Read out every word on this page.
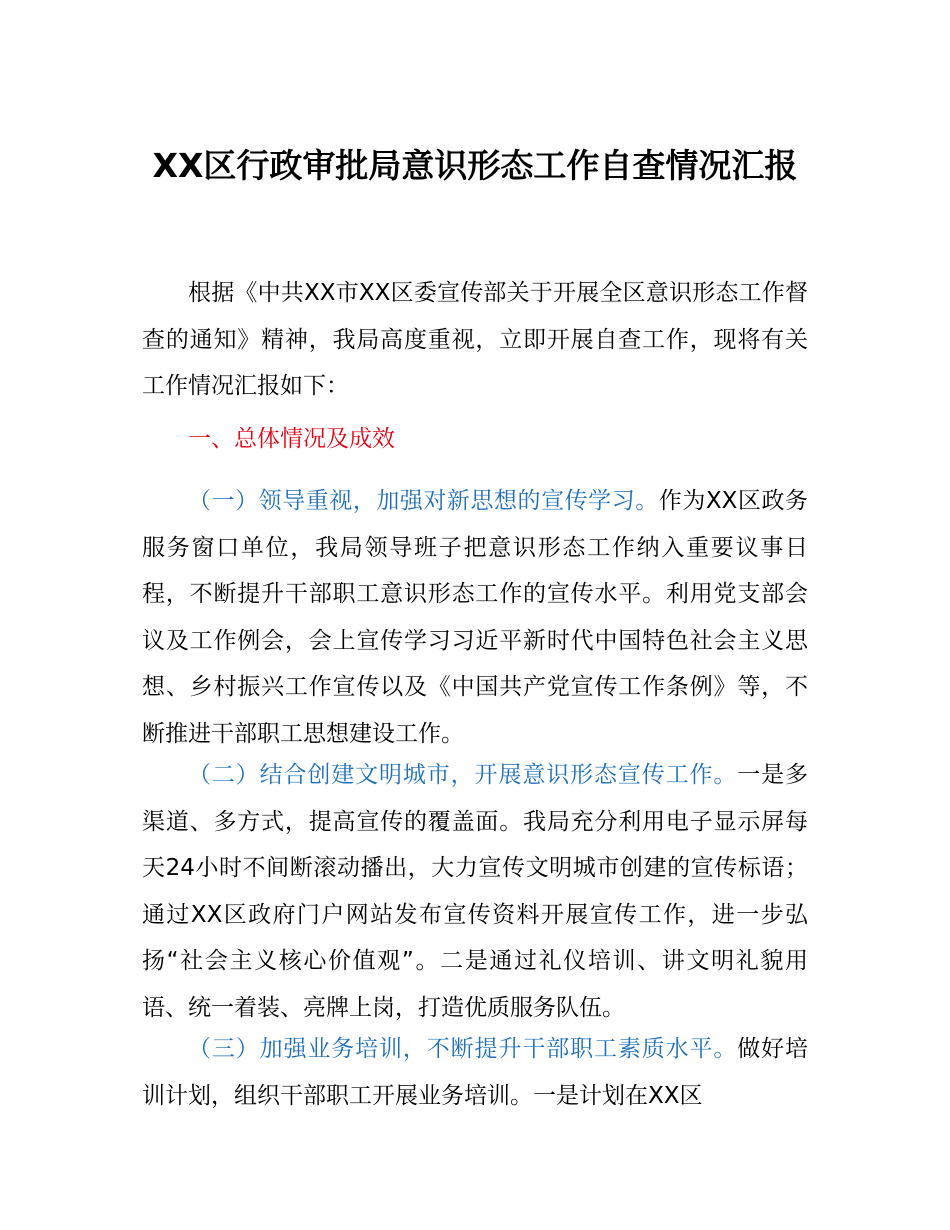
XX区行政审批局意识形态工作自查情况汇报

根据《中共XX市XX区委宣传部关于开展全区意识形态工作督查的通知》精神，我局高度重视，立即开展自查工作，现将有关工作情况汇报如下：

一、总体情况及成效

（一）领导重视，加强对新思想的宣传学习。作为XX区政务服务窗口单位，我局领导班子把意识形态工作纳入重要议事日程，不断提升干部职工意识形态工作的宣传水平。利用党支部会议及工作例会，会上宣传学习习近平新时代中国特色社会主义思想、乡村振兴工作宣传以及《中国共产党宣传工作条例》等，不断推进干部职工思想建设工作。

（二）结合创建文明城市，开展意识形态宣传工作。一是多渠道、多方式，提高宣传的覆盖面。我局充分利用电子显示屏每天24小时不间断滚动播出，大力宣传文明城市创建的宣传标语；通过XX区政府门户网站发布宣传资料开展宣传工作，进一步弘扬“社会主义核心价值观”。二是通过礼仪培训、讲文明礼貌用语、统一着装、亮牌上岗，打造优质服务队伍。

（三）加强业务培训，不断提升干部职工素质水平。做好培训计划，组织干部职工开展业务培训。一是计划在XX区
